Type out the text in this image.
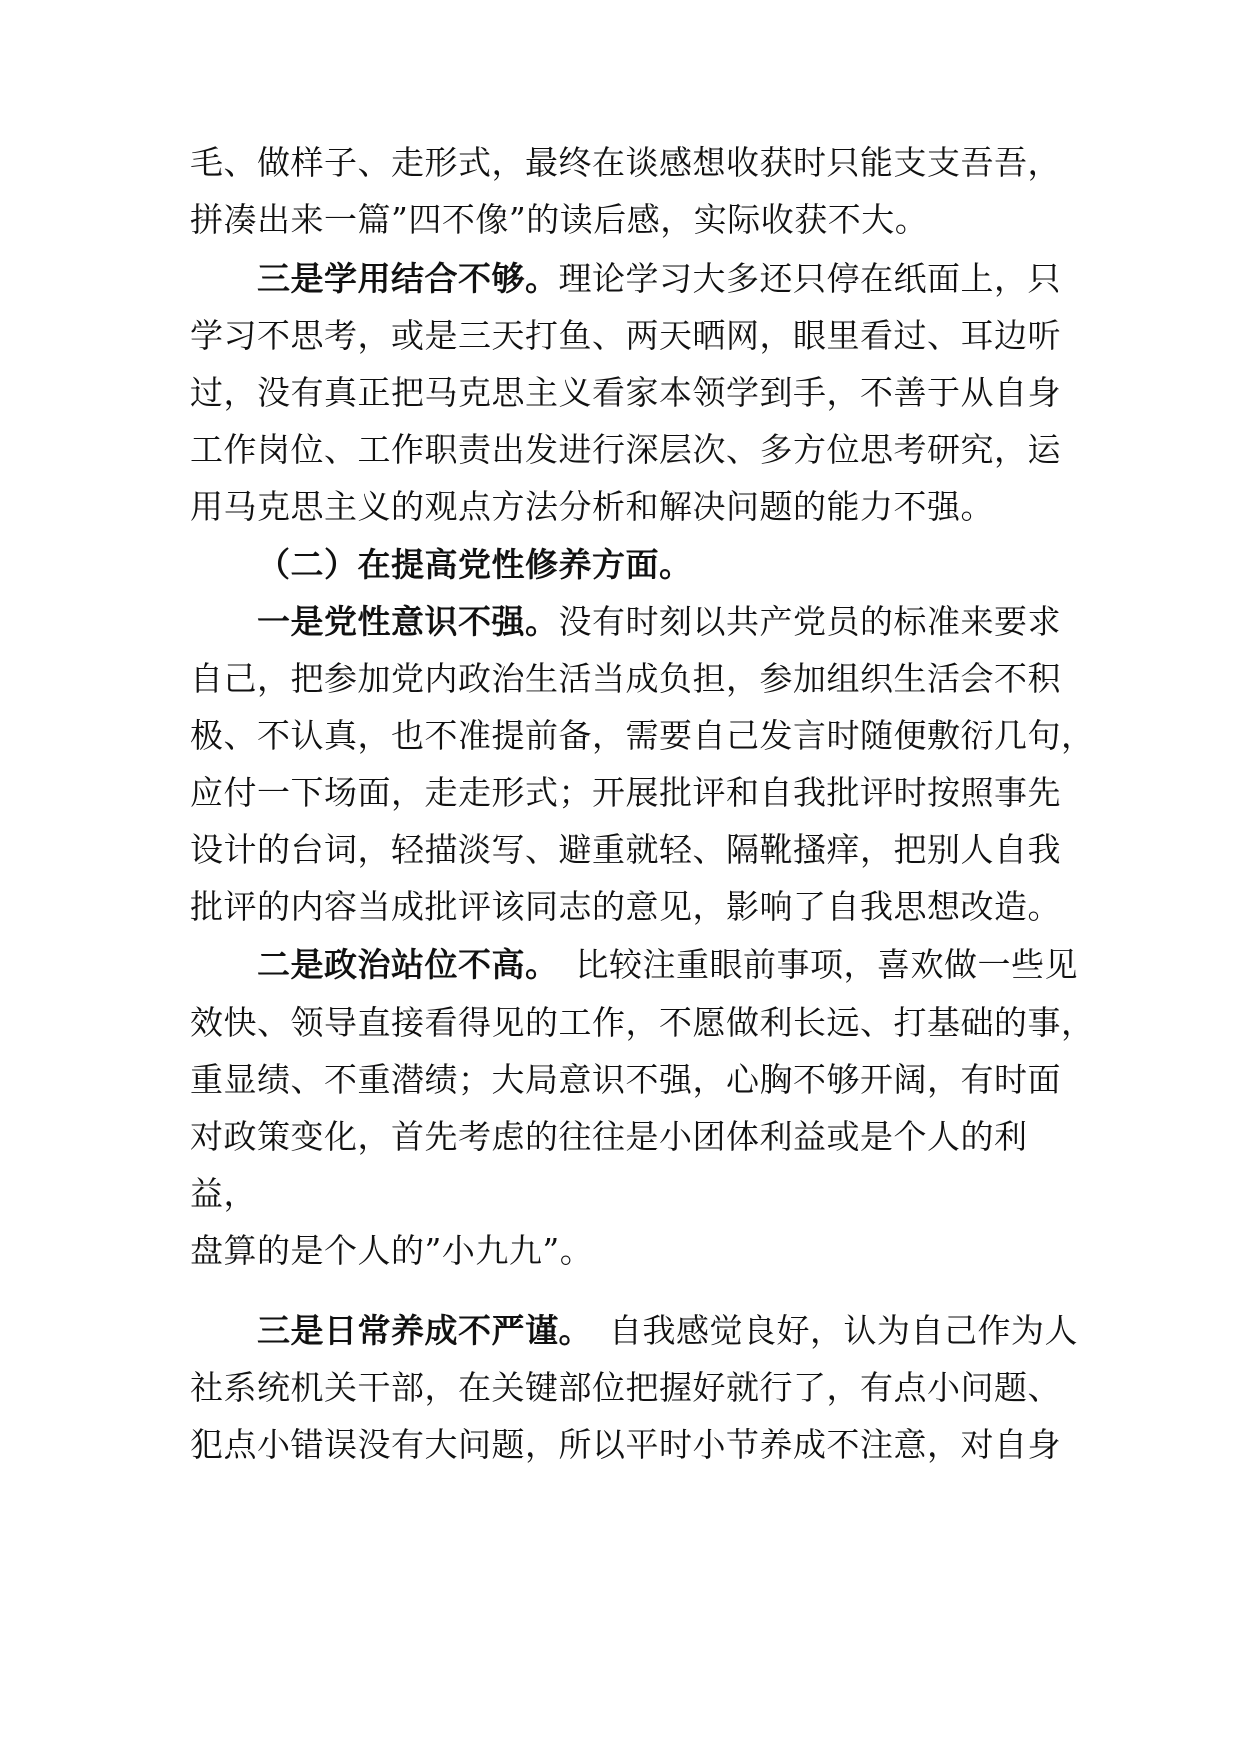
毛、做样子、走形式，最终在谈感想收获时只能支支吾吾，
拼凑出来一篇”四不像”的读后感，实际收获不大。
三是学用结合不够。理论学习大多还只停在纸面上，只
学习不思考，或是三天打鱼、两天晒网，眼里看过、耳边听
过，没有真正把马克思主义看家本领学到手，不善于从自身
工作岗位、工作职责出发进行深层次、多方位思考研究，运
用马克思主义的观点方法分析和解决问题的能力不强。
（二）在提高党性修养方面。
一是党性意识不强。没有时刻以共产党员的标准来要求
自己，把参加党内政治生活当成负担，参加组织生活会不积
极、不认真，也不准提前备，需要自己发言时随便敷衍几句，
应付一下场面，走走形式；开展批评和自我批评时按照事先
设计的台词，轻描淡写、避重就轻、隔靴搔痒，把别人自我
批评的内容当成批评该同志的意见，影响了自我思想改造。
二是政治站位不高。　比较注重眼前事项，喜欢做一些见
效快、领导直接看得见的工作，不愿做利长远、打基础的事，
重显绩、不重潜绩；大局意识不强，心胸不够开阔，有时面
对政策变化，首先考虑的往往是小团体利益或是个人的利
益，
盘算的是个人的”小九九”。
三是日常养成不严谨。　自我感觉良好，认为自己作为人
社系统机关干部，在关键部位把握好就行了，有点小问题、
犯点小错误没有大问题，所以平时小节养成不注意，对自身
